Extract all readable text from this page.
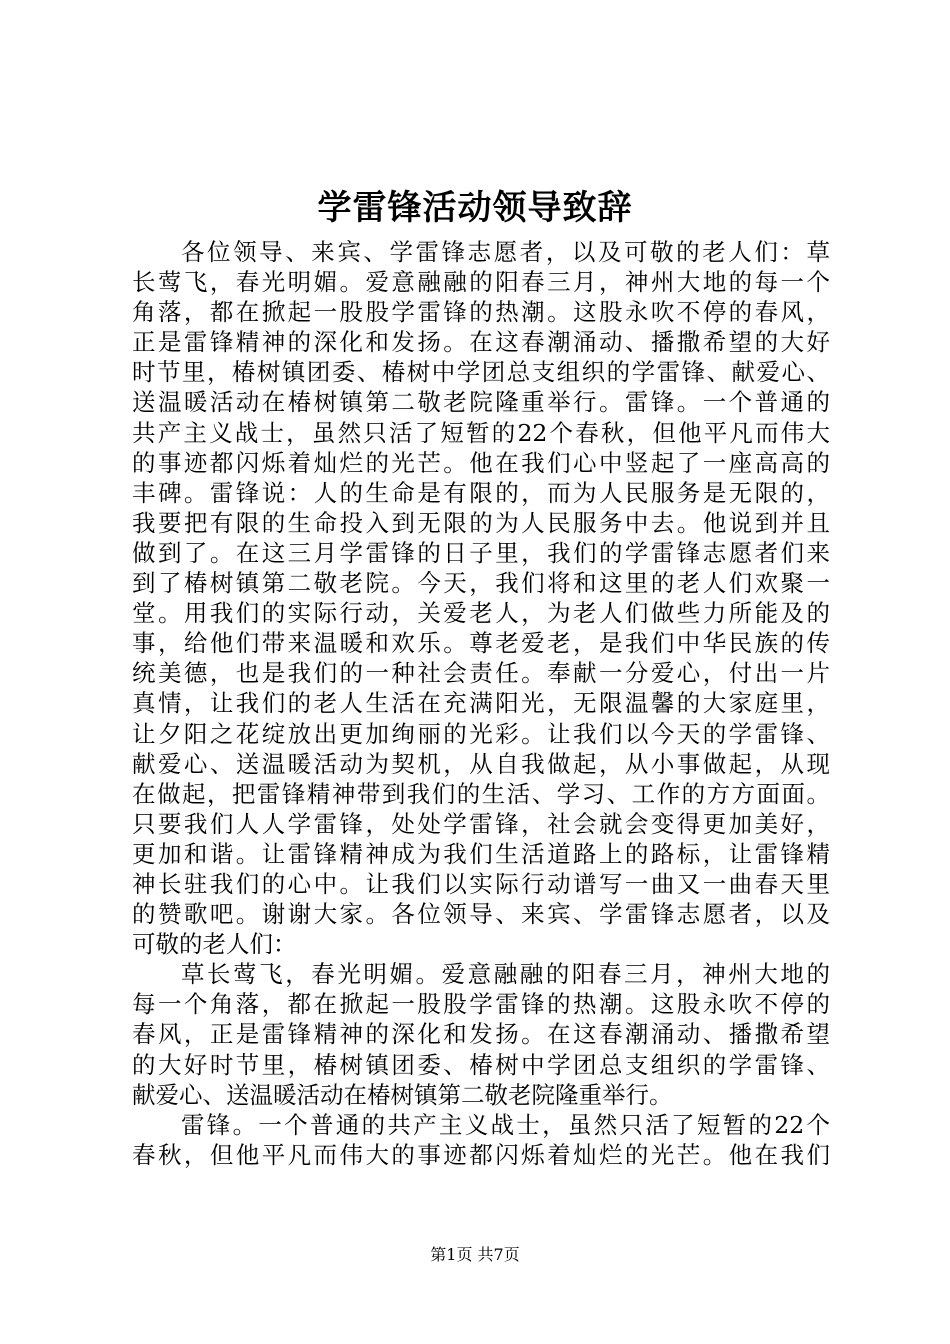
学雷锋活动领导致辞
各位领导、来宾、学雷锋志愿者，以及可敬的老人们：草
长莺飞，春光明媚。爱意融融的阳春三月，神州大地的每一个
角落，都在掀起一股股学雷锋的热潮。这股永吹不停的春风，
正是雷锋精神的深化和发扬。在这春潮涌动、播撒希望的大好
时节里，椿树镇团委、椿树中学团总支组织的学雷锋、献爱心、
送温暖活动在椿树镇第二敬老院隆重举行。雷锋。一个普通的
共产主义战士，虽然只活了短暂的22个春秋，但他平凡而伟大
的事迹都闪烁着灿烂的光芒。他在我们心中竖起了一座高高的
丰碑。雷锋说：人的生命是有限的，而为人民服务是无限的，
我要把有限的生命投入到无限的为人民服务中去。他说到并且
做到了。在这三月学雷锋的日子里，我们的学雷锋志愿者们来
到了椿树镇第二敬老院。今天，我们将和这里的老人们欢聚一
堂。用我们的实际行动，关爱老人，为老人们做些力所能及的
事，给他们带来温暖和欢乐。尊老爱老，是我们中华民族的传
统美德，也是我们的一种社会责任。奉献一分爱心，付出一片
真情，让我们的老人生活在充满阳光，无限温馨的大家庭里，
让夕阳之花绽放出更加绚丽的光彩。让我们以今天的学雷锋、
献爱心、送温暖活动为契机，从自我做起，从小事做起，从现
在做起，把雷锋精神带到我们的生活、学习、工作的方方面面。
只要我们人人学雷锋，处处学雷锋，社会就会变得更加美好，
更加和谐。让雷锋精神成为我们生活道路上的路标，让雷锋精
神长驻我们的心中。让我们以实际行动谱写一曲又一曲春天里
的赞歌吧。谢谢大家。各位领导、来宾、学雷锋志愿者，以及
可敬的老人们：
草长莺飞，春光明媚。爱意融融的阳春三月，神州大地的
每一个角落，都在掀起一股股学雷锋的热潮。这股永吹不停的
春风，正是雷锋精神的深化和发扬。在这春潮涌动、播撒希望
的大好时节里，椿树镇团委、椿树中学团总支组织的学雷锋、
献爱心、送温暖活动在椿树镇第二敬老院隆重举行。
雷锋。一个普通的共产主义战士，虽然只活了短暂的22个
春秋，但他平凡而伟大的事迹都闪烁着灿烂的光芒。他在我们
第1页 共7页
